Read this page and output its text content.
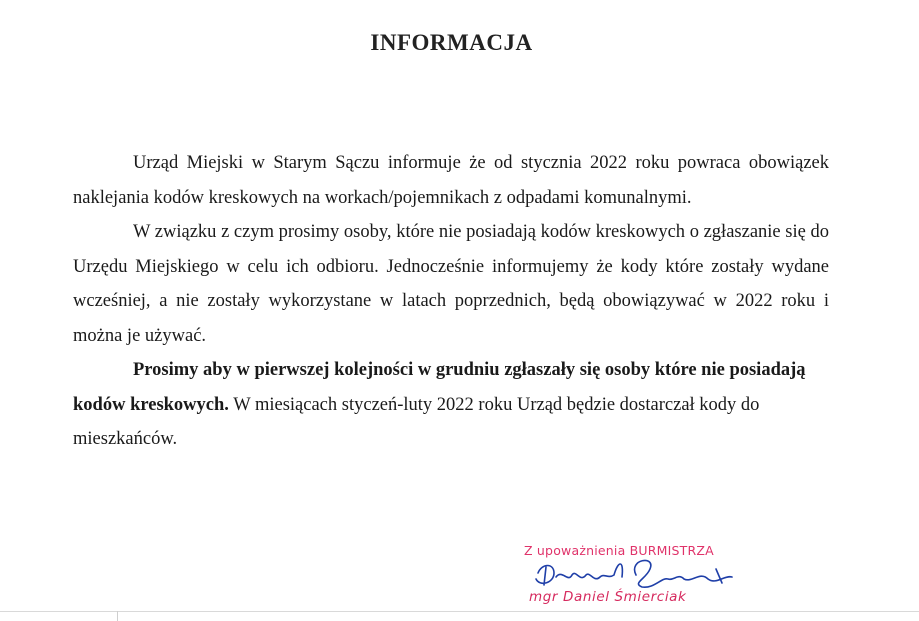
INFORMACJA

Urząd Miejski w Starym Sączu informuje że od stycznia 2022 roku powraca obowiązek naklejania kodów kreskowych na workach/pojemnikach z odpadami komunalnymi.

W związku z czym prosimy osoby, które nie posiadają kodów kreskowych o zgłaszanie się do Urzędu Miejskiego w celu ich odbioru. Jednocześnie informujemy że kody które zostały wydane wcześniej, a nie zostały wykorzystane w latach poprzednich, będą obowiązywać w 2022 roku i można je używać.

Prosimy aby w pierwszej kolejności w grudniu zgłaszały się osoby które nie posiadają kodów kreskowych. W miesiącach styczeń-luty 2022 roku Urząd będzie dostarczał kody do mieszkańców.

Z upoważnienia BURMISTRZA
mgr Daniel Śmierciak
